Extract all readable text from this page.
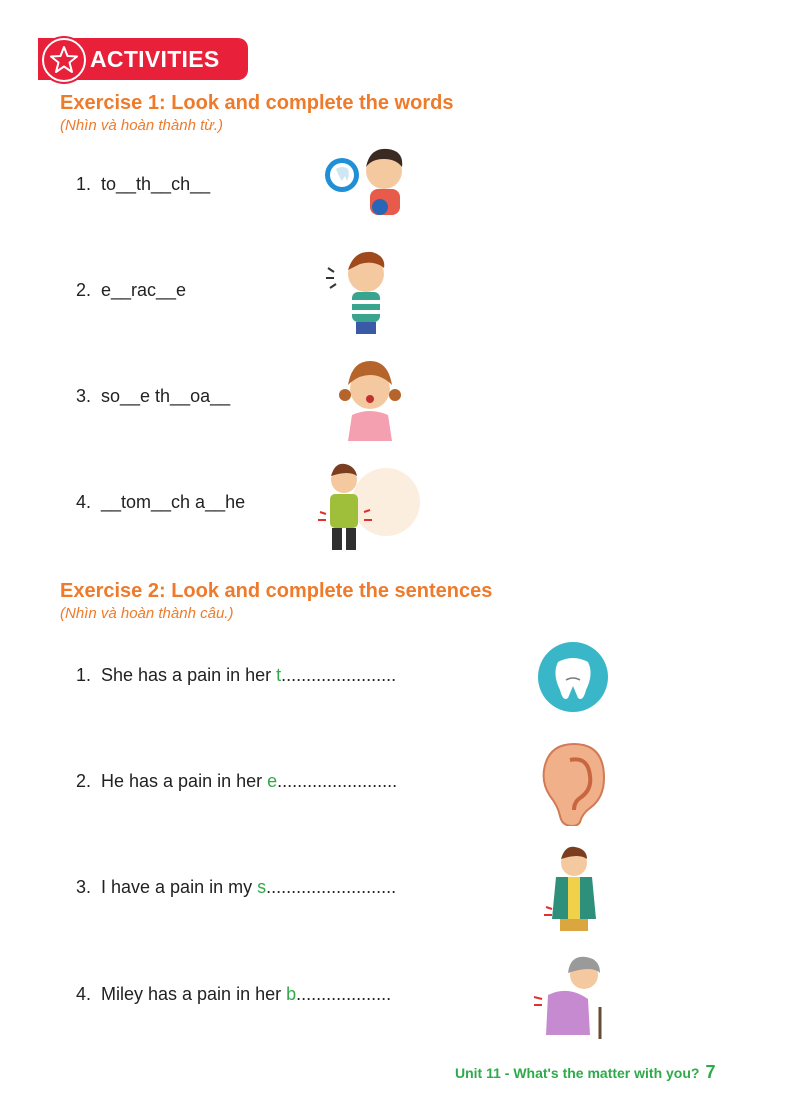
ACTIVITIES
Exercise 1: Look and complete the words
(Nhìn và hoàn thành từ.)
1. to__th__ch__
2. e__rac__e
3. so__e th__oa__
4. __tom__ch a__he
Exercise 2: Look and complete the sentences
(Nhìn và hoàn thành câu.)
1. She has a pain in her t.......................
2. He has a pain in her e........................
3. I have a pain in my s..........................
4. Miley has a pain in her b...................
Unit 11 - What's the matter with you? 7
